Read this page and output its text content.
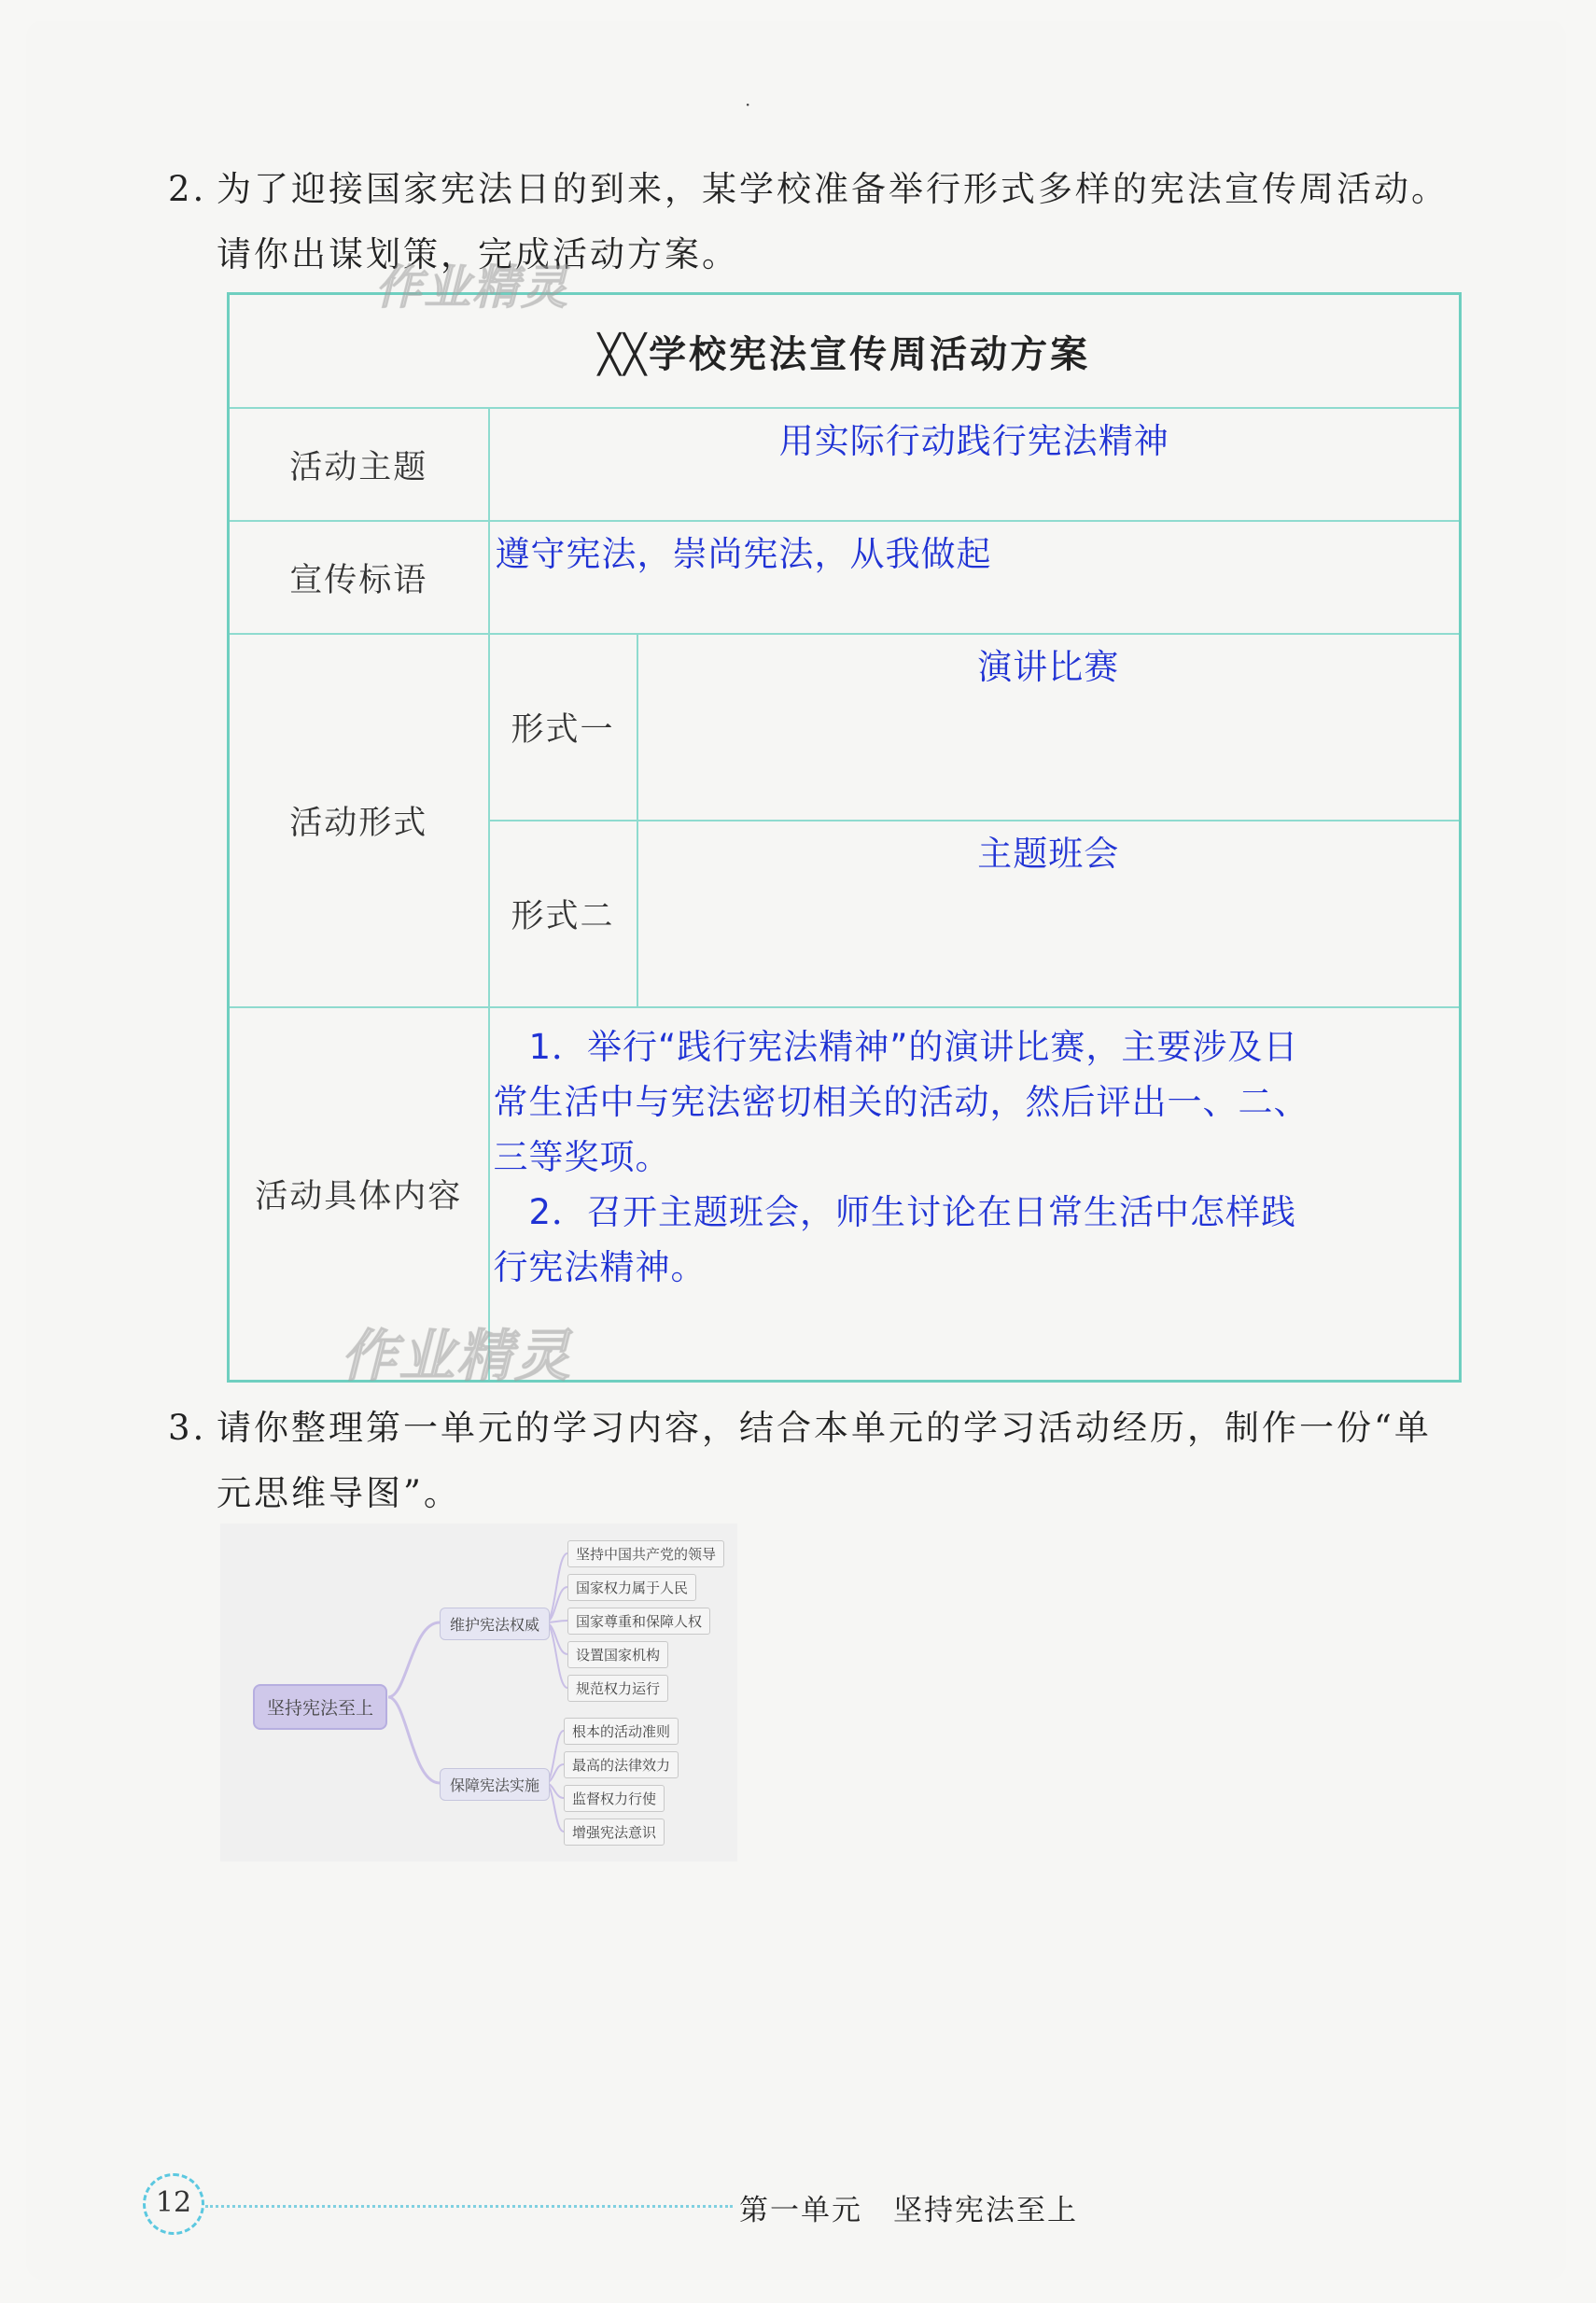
·
2. 为了迎接国家宪法日的到来，某学校准备举行形式多样的宪法宣传周活动。
请你出谋划策，完成活动方案。
╳╳学校宪法宣传周活动方案		
活动主题	用实际行动践行宪法精神	

宣传标语	遵守宪法，崇尚宪法，从我做起	

活动形式	形式一	演讲比赛

	形式二	主题班会

活动具体内容	1．举行“践行宪法精神”的演讲比赛，主要涉及日
常生活中与宪法密切相关的活动，然后评出一、二、
三等奖项。
2．召开主题班会，师生讨论在日常生活中怎样践
行宪法精神。	
作业精灵
作业精灵
3. 请你整理第一单元的学习内容，结合本单元的学习活动经历，制作一份“单
元思维导图”。
坚持宪法至上
维护宪法权威
保障宪法实施
坚持中国共产党的领导
国家权力属于人民
国家尊重和保障人权
设置国家机构
规范权力运行
根本的活动准则
最高的法律效力
监督权力行使
增强宪法意识
12	第一单元　坚持宪法至上
